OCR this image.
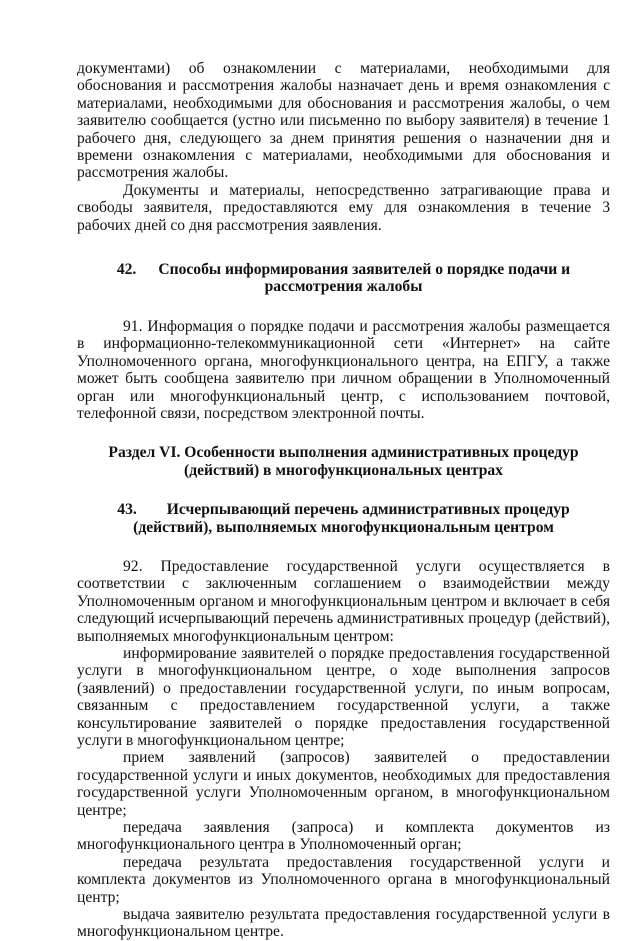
документами) об ознакомлении с материалами, необходимыми для обоснования и рассмотрения жалобы назначает день и время ознакомления с материалами, необходимыми для обоснования и рассмотрения жалобы, о чем заявителю сообщается (устно или письменно по выбору заявителя) в течение 1 рабочего дня, следующего за днем принятия решения о назначении дня и времени ознакомления с материалами, необходимыми для обоснования и рассмотрения жалобы.

Документы и материалы, непосредственно затрагивающие права и свободы заявителя, предоставляются ему для ознакомления в течение 3 рабочих дней со дня рассмотрения заявления.

42. Способы информирования заявителей о порядке подачи и рассмотрения жалобы

91. Информация о порядке подачи и рассмотрения жалобы размещается в информационно-телекоммуникационной сети «Интернет» на сайте Уполномоченного органа, многофункционального центра, на ЕПГУ, а также может быть сообщена заявителю при личном обращении в Уполномоченный орган или многофункциональный центр, с использованием почтовой, телефонной связи, посредством электронной почты.

Раздел VI. Особенности выполнения административных процедур (действий) в многофункциональных центрах
43. Исчерпывающий перечень административных процедур (действий), выполняемых многофункциональным центром

92. Предоставление государственной услуги осуществляется в соответствии с заключенным соглашением о взаимодействии между Уполномоченным органом и многофункциональным центром и включает в себя следующий исчерпывающий перечень административных процедур (действий), выполняемых многофункциональным центром:

информирование заявителей о порядке предоставления государственной услуги в многофункциональном центре, о ходе выполнения запросов (заявлений) о предоставлении государственной услуги, по иным вопросам, связанным с предоставлением государственной услуги, а также консультирование заявителей о порядке предоставления государственной услуги в многофункциональном центре;

прием заявлений (запросов) заявителей о предоставлении государственной услуги и иных документов, необходимых для предоставления государственной услуги Уполномоченным органом, в многофункциональном центре;

передача заявления (запроса) и комплекта документов из многофункционального центра в Уполномоченный орган;

передача результата предоставления государственной услуги и комплекта документов из Уполномоченного органа в многофункциональный центр;

выдача заявителю результата предоставления государственной услуги в многофункциональном центре.
